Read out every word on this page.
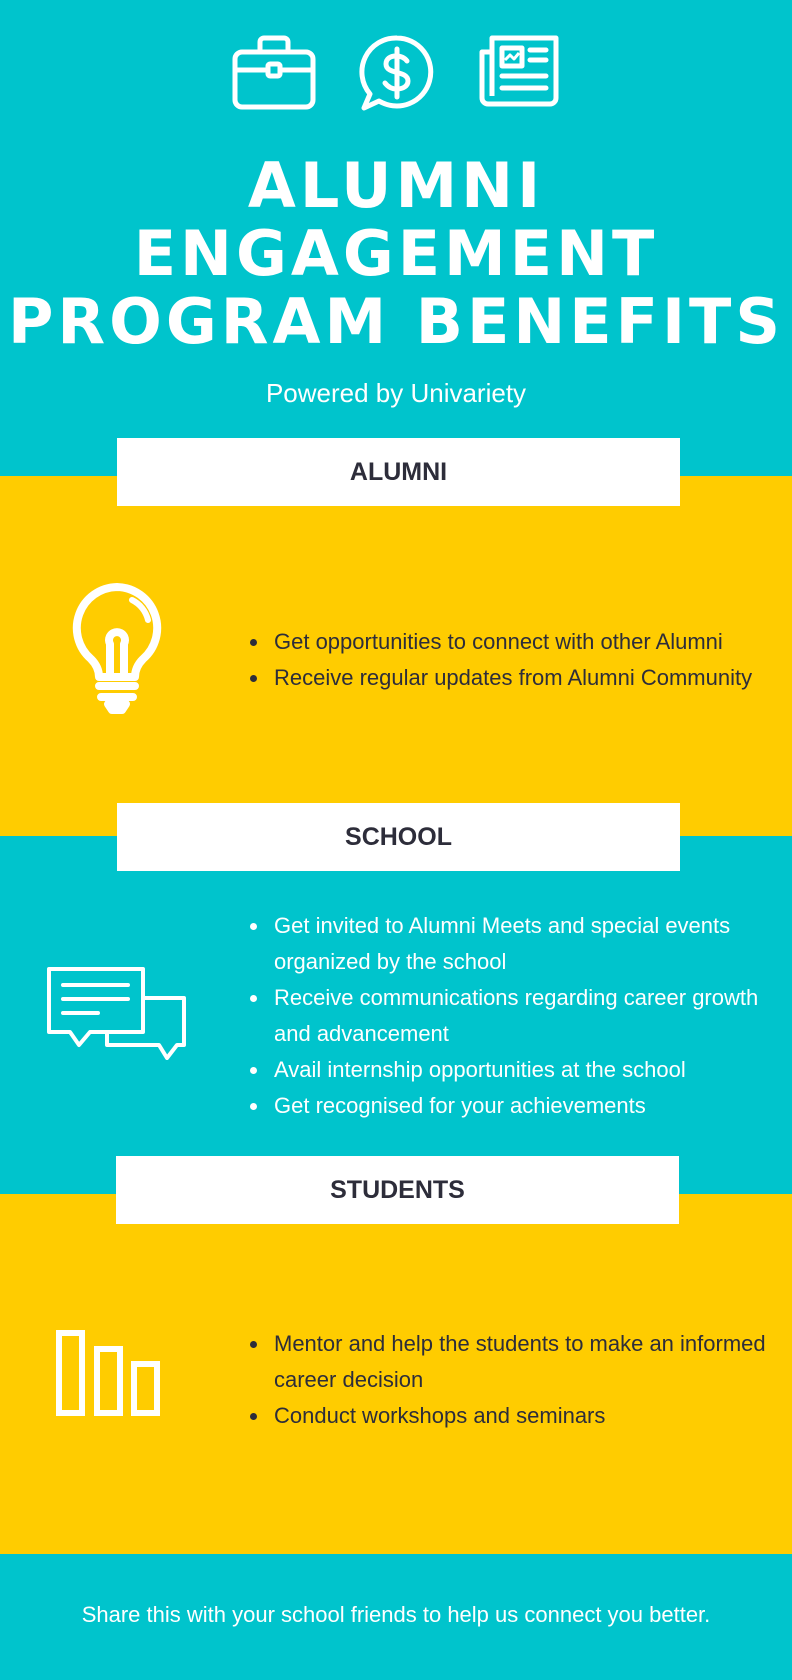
ALUMNI
ENGAGEMENT
PROGRAM BENEFITS
Powered by Univariety
ALUMNI
• Get opportunities to connect with other Alumni
• Receive regular updates from Alumni Community
SCHOOL
• Get invited to Alumni Meets and special events organized by the school
• Receive communications regarding career growth and advancement
• Avail internship opportunities at the school
• Get recognised for your achievements
STUDENTS
• Mentor and help the students to make an informed career decision
• Conduct workshops and seminars
Share this with your school friends to help us connect you better.
